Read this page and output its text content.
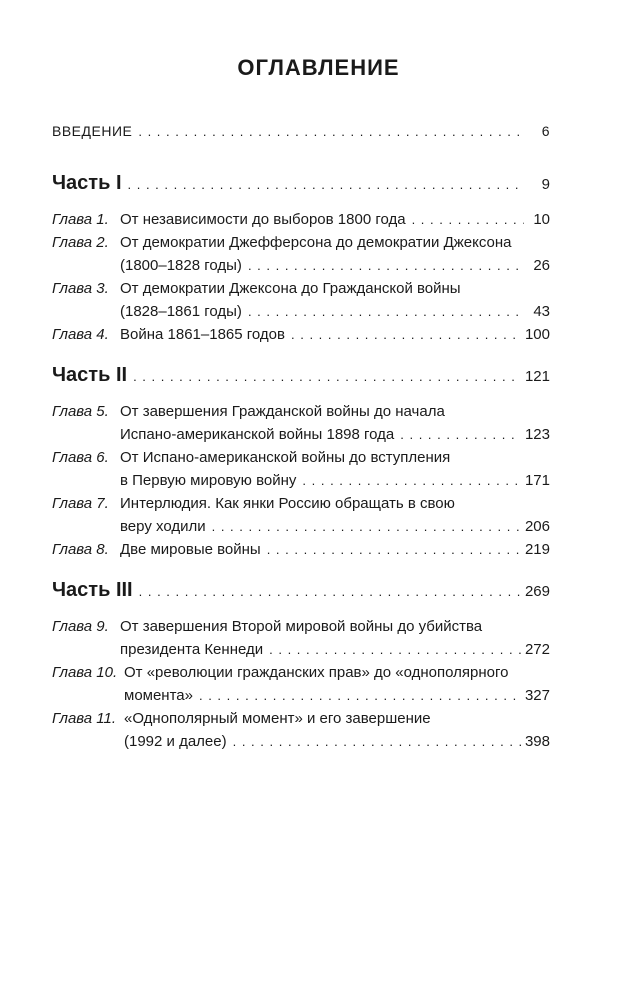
ОГЛАВЛЕНИЕ
ВВЕДЕНИЕ . . .	6
Часть I . . .	9
Глава 1. От независимости до выборов 1800 года . . .	10
Глава 2. От демократии Джефферсона до демократии Джексона
(1800–1828 годы) . . .	26
Глава 3. От демократии Джексона до Гражданской войны
(1828–1861 годы) . . .	43
Глава 4. Война 1861–1865 годов . . .	100
Часть II . . .	121
Глава 5. От завершения Гражданской войны до начала
Испано-американской войны 1898 года . . .	123
Глава 6. От Испано-американской войны до вступления
в Первую мировую войну . . .	171
Глава 7. Интерлюдия. Как янки Россию обращать в свою
веру ходили . . .	206
Глава 8. Две мировые войны . . .	219
Часть III . . .	269
Глава 9. От завершения Второй мировой войны до убийства
президента Кеннеди . . .	272
Глава 10. От «революции гражданских прав» до «однополярного
момента» . . .	327
Глава 11. «Однополярный момент» и его завершение
(1992 и далее) . . .	398
